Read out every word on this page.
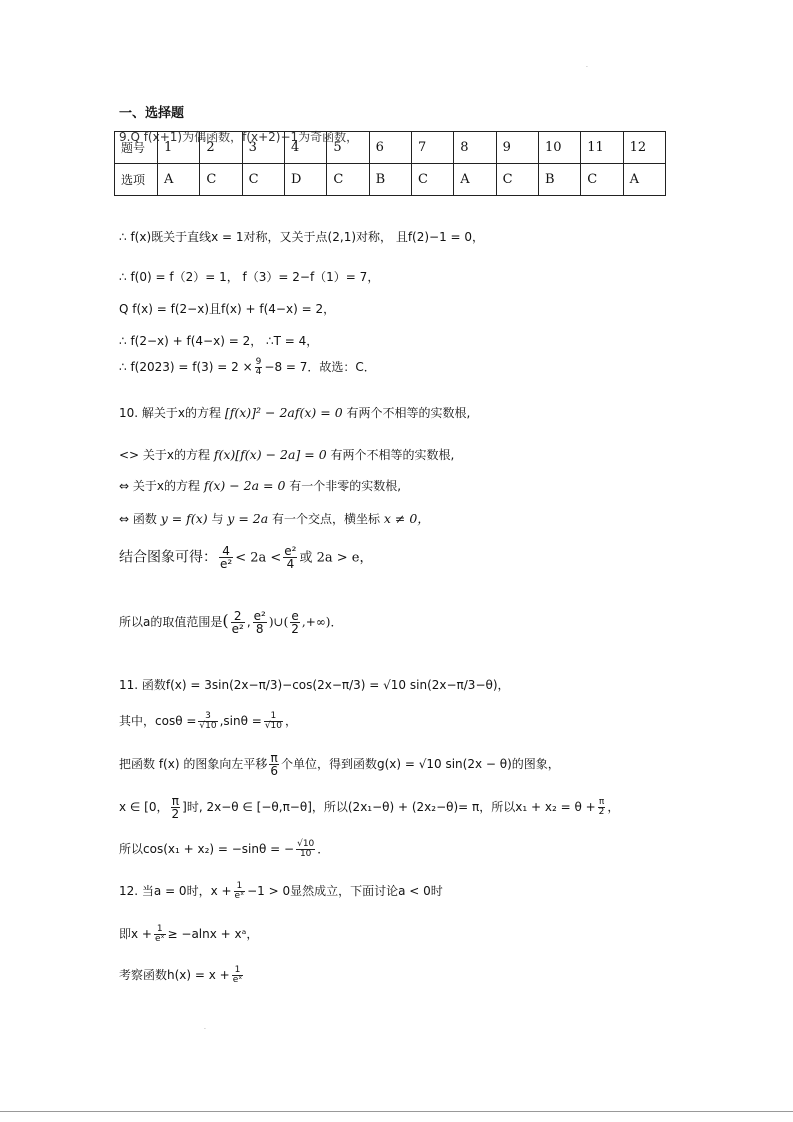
.
一、选择题
9.Q f(x+1)为偶函数，f(x+2)−1为奇函数，
题号	1	2	3	4	5	6	7	8	9	10	11	12
选项	A	C	C	D	C	B	C	A	C	B	C	A
∴ f(x)既关于直线x = 1对称，又关于点(2,1)对称， 且f(2)−1 = 0，
∴ f(0) = f（2）= 1， f（3）= 2−f（1）= 7，
Q f(x) = f(2−x)且f(x) + f(4−x) = 2，
∴ f(2−x) + f(4−x) = 2， ∴T = 4，
∴ $f(2023) = f(3) = 2 \times \frac{9}{4} -8 = 7$．故选：C．
10. 解关于x的方程 [f(x)]² − 2af(x) = 0 有两个不相等的实数根,
<> 关于x的方程 f(x)[f(x) − 2a] = 0 有两个不相等的实数根,
⇔ 关于x的方程 f(x) − 2a = 0 有一个非零的实数根,
⇔ 函数 y = f(x) 与 y = 2a 有一个交点，横坐标 x ≠ 0，
结合图象可得： $\frac{4}{\text{e²}} < 2a < \frac{\text{e²}}{4}$ 或 2a > e，
所以a的取值范围是( $\frac{2}{\text{e²}}$ , $\frac{\text{e²}}{8}$ )∪( $\frac{e}{2}$ ,+∞)．
11. 函数f(x) = 3sin(2x−π/3)−cos(2x−π/3) = √10 sin(2x−π/3−θ)，
其中，$\cos\theta = \frac{3}{√10} ,\sin\theta = \frac{1}{√10}$ ，
把函数 f(x) 的图象向左平移 $\frac{\pi}{6}$ 个单位，得到函数g(x) = √10 sin(2x − θ)的图象，
x ∈ [0， $\frac{\pi}{2}$ ]时, 2x−θ ∈ [−θ,π−θ]，所以(2x₁−θ) + (2x₂−θ)= π，所以$x_1 + x_2 = \theta + \frac{\pi}{2}$ ，
所以cos(x₁ + x₂) = −sinθ = − $\frac{√10}{10}$ ．
12. 当a = 0时，$x + \frac{1}{\text{eˣ}} -1 > 0$显然成立，下面讨论a < 0时
即$x + \frac{1}{\text{eˣ}} \ge -alnx$ + xᵃ，
考察函数$h(x) = x + \frac{1}{\text{eˣ}}$
.
